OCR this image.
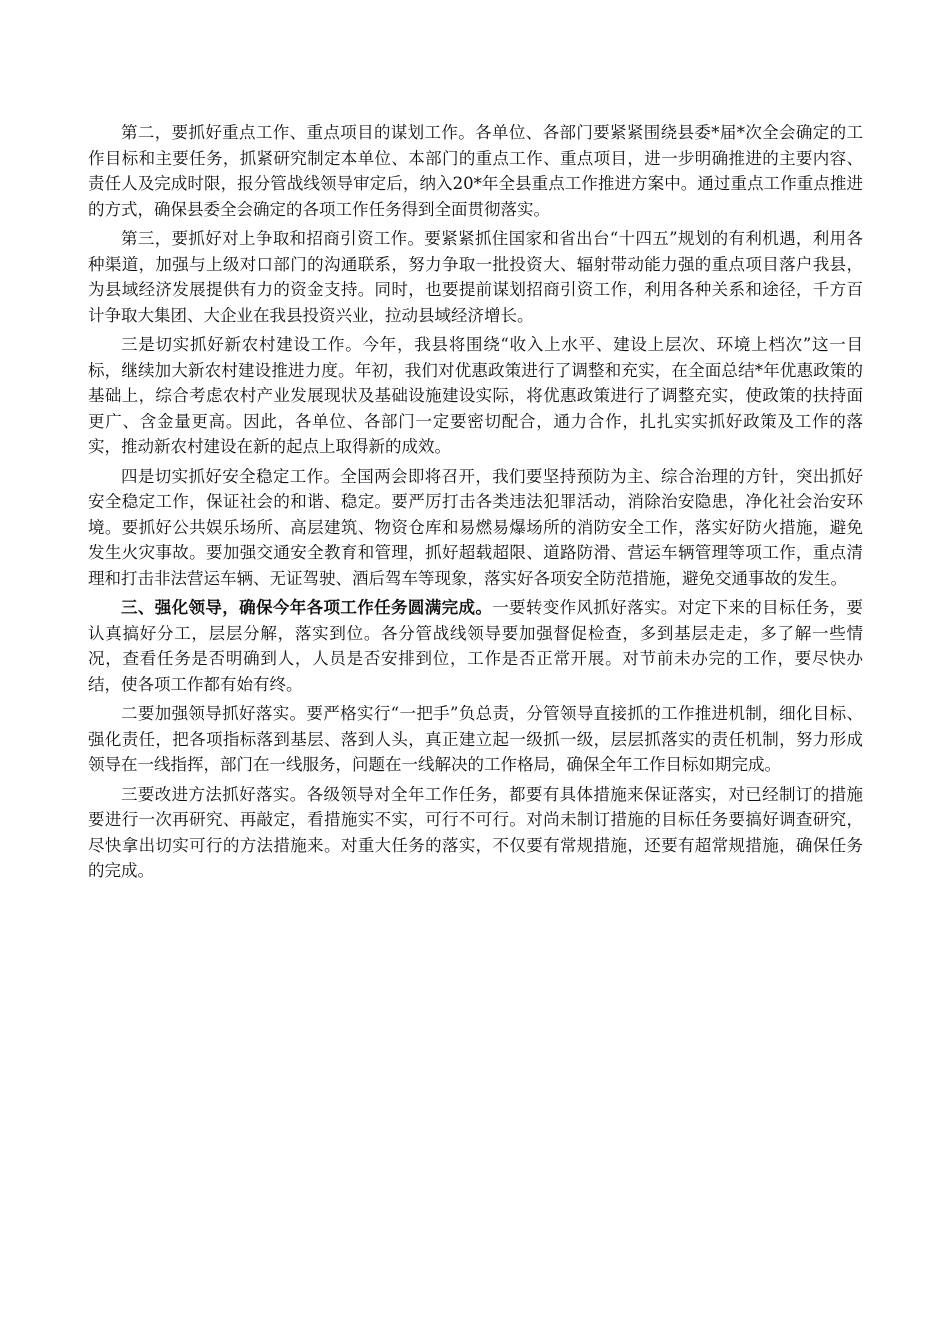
第二，要抓好重点工作、重点项目的谋划工作。各单位、各部门要紧紧围绕县委*届*次全会确定的工作目标和主要任务，抓紧研究制定本单位、本部门的重点工作、重点项目，进一步明确推进的主要内容、责任人及完成时限，报分管战线领导审定后，纳入20*年全县重点工作推进方案中。通过重点工作重点推进的方式，确保县委全会确定的各项工作任务得到全面贯彻落实。

第三，要抓好对上争取和招商引资工作。要紧紧抓住国家和省出台“十四五”规划的有利机遇，利用各种渠道，加强与上级对口部门的沟通联系，努力争取一批投资大、辐射带动能力强的重点项目落户我县，为县域经济发展提供有力的资金支持。同时，也要提前谋划招商引资工作，利用各种关系和途径，千方百计争取大集团、大企业在我县投资兴业，拉动县域经济增长。

三是切实抓好新农村建设工作。今年，我县将围绕“收入上水平、建设上层次、环境上档次”这一目标，继续加大新农村建设推进力度。年初，我们对优惠政策进行了调整和充实，在全面总结*年优惠政策的基础上，综合考虑农村产业发展现状及基础设施建设实际，将优惠政策进行了调整充实，使政策的扶持面更广、含金量更高。因此，各单位、各部门一定要密切配合，通力合作，扎扎实实抓好政策及工作的落实，推动新农村建设在新的起点上取得新的成效。

四是切实抓好安全稳定工作。全国两会即将召开，我们要坚持预防为主、综合治理的方针，突出抓好安全稳定工作，保证社会的和谐、稳定。要严厉打击各类违法犯罪活动，消除治安隐患，净化社会治安环境。要抓好公共娱乐场所、高层建筑、物资仓库和易燃易爆场所的消防安全工作，落实好防火措施，避免发生火灾事故。要加强交通安全教育和管理，抓好超载超限、道路防滑、营运车辆管理等项工作，重点清理和打击非法营运车辆、无证驾驶、酒后驾车等现象，落实好各项安全防范措施，避免交通事故的发生。

三、强化领导，确保今年各项工作任务圆满完成。一要转变作风抓好落实。对定下来的目标任务，要认真搞好分工，层层分解，落实到位。各分管战线领导要加强督促检查，多到基层走走，多了解一些情况，查看任务是否明确到人，人员是否安排到位，工作是否正常开展。对节前未办完的工作，要尽快办结，使各项工作都有始有终。

二要加强领导抓好落实。要严格实行“一把手”负总责，分管领导直接抓的工作推进机制，细化目标、强化责任，把各项指标落到基层、落到人头，真正建立起一级抓一级，层层抓落实的责任机制，努力形成领导在一线指挥，部门在一线服务，问题在一线解决的工作格局，确保全年工作目标如期完成。

三要改进方法抓好落实。各级领导对全年工作任务，都要有具体措施来保证落实，对已经制订的措施要进行一次再研究、再敲定，看措施实不实，可行不可行。对尚未制订措施的目标任务要搞好调查研究，尽快拿出切实可行的方法措施来。对重大任务的落实，不仅要有常规措施，还要有超常规措施，确保任务的完成。
